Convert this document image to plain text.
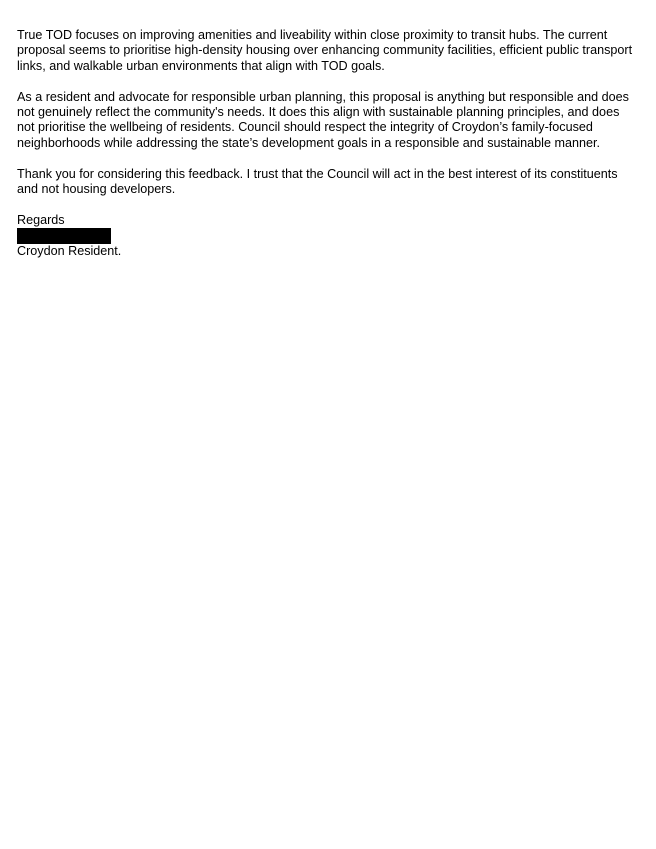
True TOD focuses on improving amenities and liveability within close proximity to transit hubs. The current proposal seems to prioritise high-density housing over enhancing community facilities, efficient public transport links, and walkable urban environments that align with TOD goals.

As a resident and advocate for responsible urban planning, this proposal is anything but responsible and does not genuinely reflect the community's needs. It does this align with sustainable planning principles, and does not prioritise the wellbeing of residents. Council should respect the integrity of Croydon’s family-focused neighborhoods while addressing the state’s development goals in a responsible and sustainable manner.

Thank you for considering this feedback. I trust that the Council will act in the best interest of its constituents and not housing developers.

Regards
Croydon Resident.
